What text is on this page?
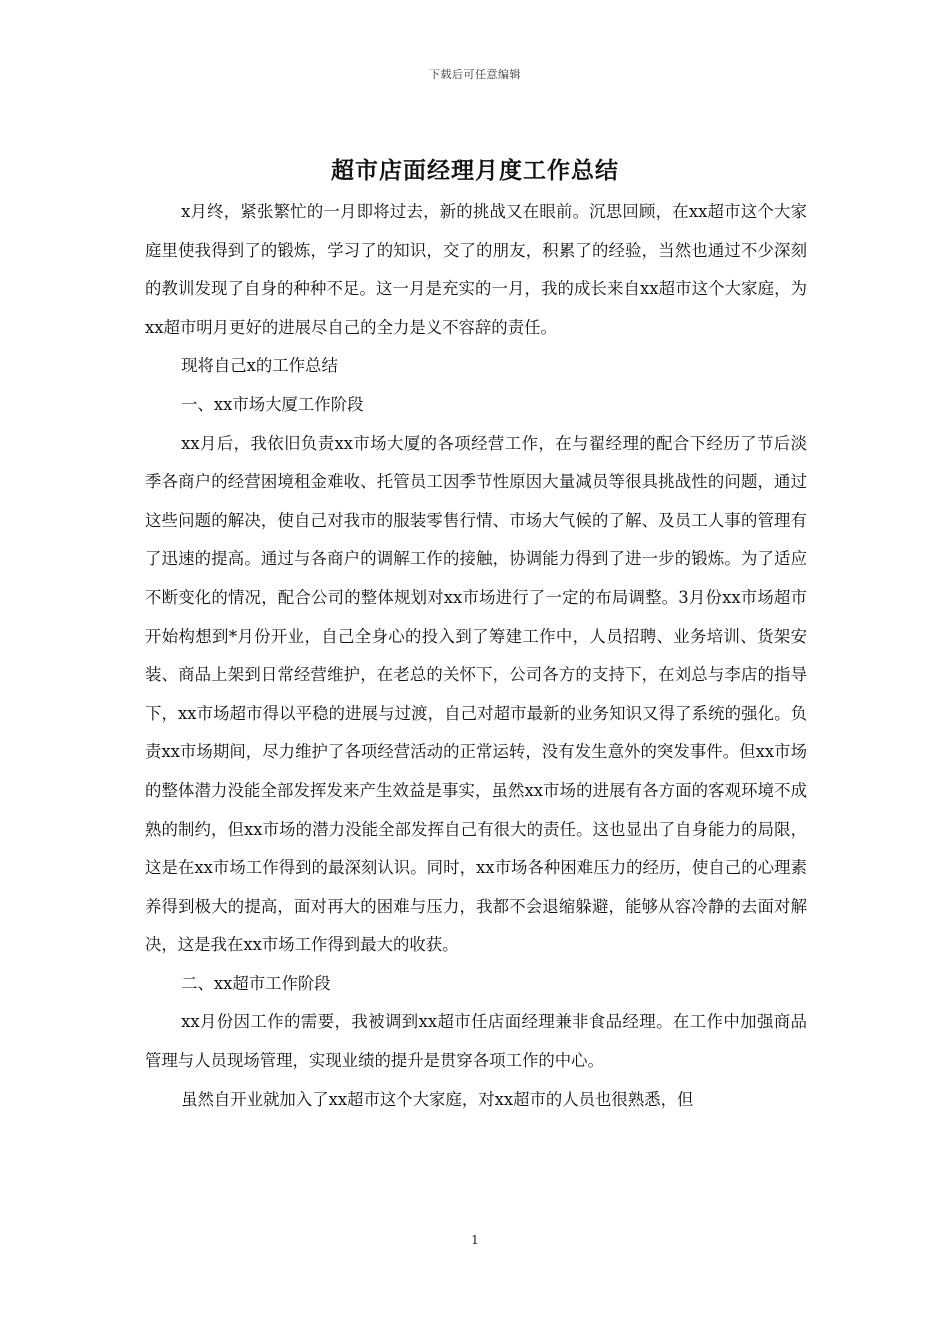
下载后可任意编辑
超市店面经理月度工作总结

x月终，紧张繁忙的一月即将过去，新的挑战又在眼前。沉思回顾，在xx超市这个大家庭里使我得到了的锻炼，学习了的知识，交了的朋友，积累了的经验，当然也通过不少深刻的教训发现了自身的种种不足。这一月是充实的一月，我的成长来自xx超市这个大家庭，为xx超市明月更好的进展尽自己的全力是义不容辞的责任。

现将自己x的工作总结

一、xx市场大厦工作阶段

xx月后，我依旧负责xx市场大厦的各项经营工作，在与翟经理的配合下经历了节后淡季各商户的经营困境租金难收、托管员工因季节性原因大量减员等很具挑战性的问题，通过这些问题的解决，使自己对我市的服装零售行情、市场大气候的了解、及员工人事的管理有了迅速的提高。通过与各商户的调解工作的接触，协调能力得到了进一步的锻炼。为了适应不断变化的情况，配合公司的整体规划对xx市场进行了一定的布局调整。3月份xx市场超市开始构想到*月份开业，自己全身心的投入到了筹建工作中，人员招聘、业务培训、货架安装、商品上架到日常经营维护，在老总的关怀下，公司各方的支持下，在刘总与李店的指导下，xx市场超市得以平稳的进展与过渡，自己对超市最新的业务知识又得了系统的强化。负责xx市场期间，尽力维护了各项经营活动的正常运转，没有发生意外的突发事件。但xx市场的整体潜力没能全部发挥发来产生效益是事实，虽然xx市场的进展有各方面的客观环境不成熟的制约，但xx市场的潜力没能全部发挥自己有很大的责任。这也显出了自身能力的局限，这是在xx市场工作得到的最深刻认识。同时，xx市场各种困难压力的经历，使自己的心理素养得到极大的提高，面对再大的困难与压力，我都不会退缩躲避，能够从容冷静的去面对解决，这是我在xx市场工作得到最大的收获。

二、xx超市工作阶段

xx月份因工作的需要，我被调到xx超市任店面经理兼非食品经理。在工作中加强商品管理与人员现场管理，实现业绩的提升是贯穿各项工作的中心。

虽然自开业就加入了xx超市这个大家庭，对xx超市的人员也很熟悉，但

1
